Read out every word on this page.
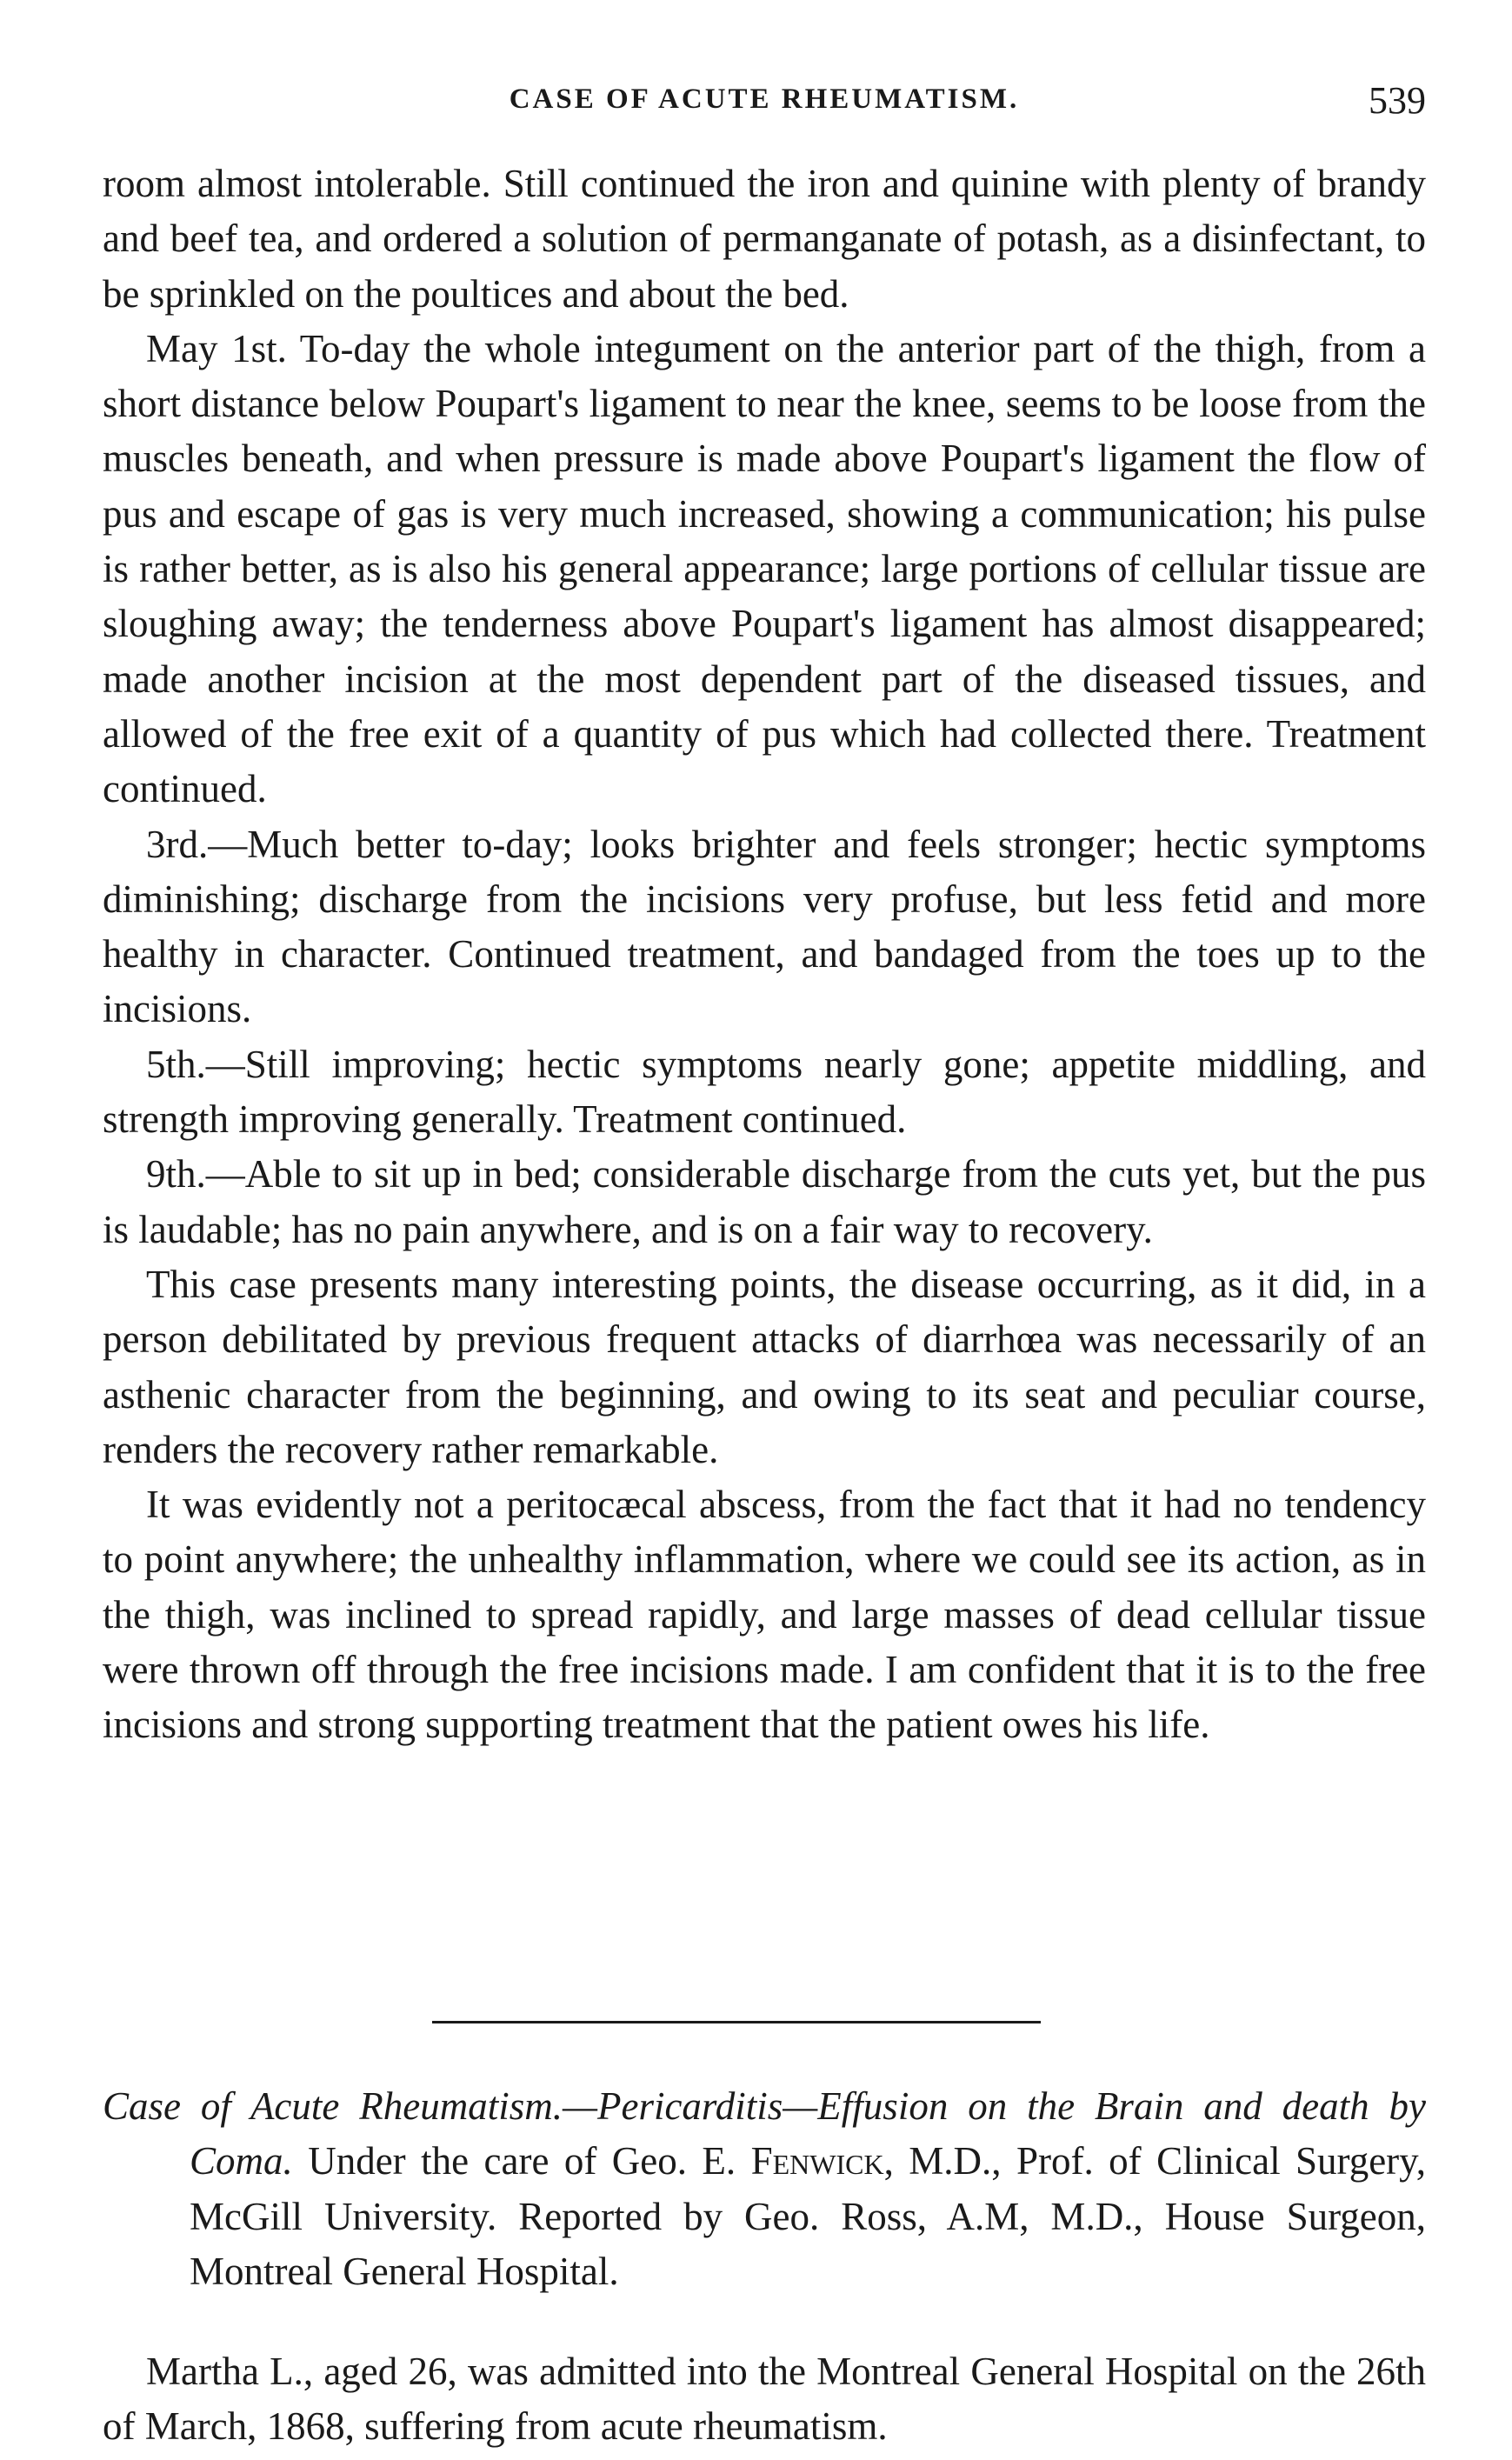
CASE OF ACUTE RHEUMATISM.	539

room almost intolerable. Still continued the iron and quinine with plenty of brandy and beef tea, and ordered a solution of permanganate of potash, as a disinfectant, to be sprinkled on the poultices and about the bed.

May 1st. To-day the whole integument on the anterior part of the thigh, from a short distance below Poupart's ligament to near the knee, seems to be loose from the muscles beneath, and when pressure is made above Poupart's ligament the flow of pus and escape of gas is very much increased, showing a communication; his pulse is rather better, as is also his general appearance; large portions of cellular tissue are sloughing away; the tenderness above Poupart's ligament has almost disappeared; made another incision at the most dependent part of the diseased tissues, and allowed of the free exit of a quantity of pus which had collected there. Treatment continued.

3rd.—Much better to-day; looks brighter and feels stronger; hectic symptoms diminishing; discharge from the incisions very profuse, but less fetid and more healthy in character. Continued treatment, and bandaged from the toes up to the incisions.

5th.—Still improving; hectic symptoms nearly gone; appetite middling, and strength improving generally. Treatment continued.

9th.—Able to sit up in bed; considerable discharge from the cuts yet, but the pus is laudable; has no pain anywhere, and is on a fair way to recovery.

This case presents many interesting points, the disease occurring, as it did, in a person debilitated by previous frequent attacks of diarrhœa was necessarily of an asthenic character from the beginning, and owing to its seat and peculiar course, renders the recovery rather remarkable.

It was evidently not a peritocæcal abscess, from the fact that it had no tendency to point anywhere; the unhealthy inflammation, where we could see its action, as in the thigh, was inclined to spread rapidly, and large masses of dead cellular tissue were thrown off through the free incisions made. I am confident that it is to the free incisions and strong supporting treatment that the patient owes his life.

Case of Acute Rheumatism.—Pericarditis—Effusion on the Brain and death by Coma. Under the care of Geo. E. Fenwick, M.D., Prof. of Clinical Surgery, McGill University. Reported by Geo. Ross, A.M, M.D., House Surgeon, Montreal General Hospital.

Martha L., aged 26, was admitted into the Montreal General Hospital on the 26th of March, 1868, suffering from acute rheumatism.
